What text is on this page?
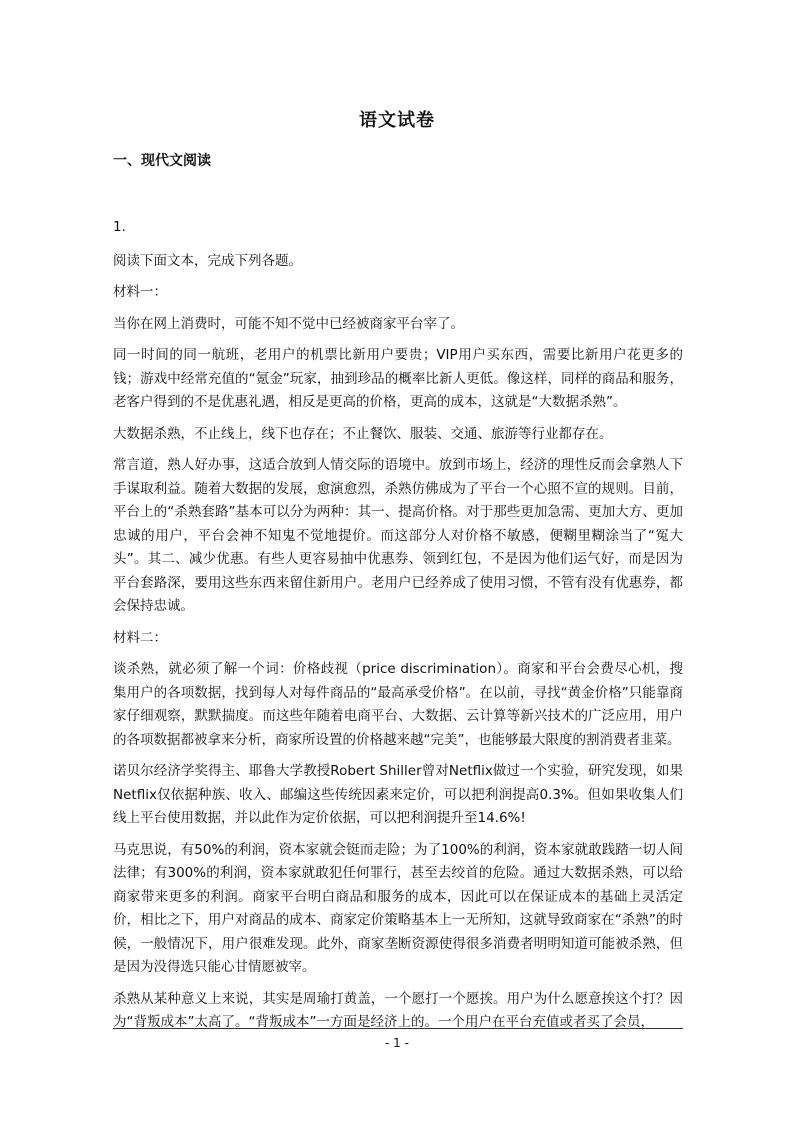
语文试卷
一、现代文阅读

1.

阅读下面文本，完成下列各题。

材料一：

当你在网上消费时，可能不知不觉中已经被商家平台宰了。

同一时间的同一航班，老用户的机票比新用户要贵；VIP用户买东西，需要比新用户花更多的钱；游戏中经常充值的“氪金”玩家，抽到珍品的概率比新人更低。像这样，同样的商品和服务，老客户得到的不是优惠礼遇，相反是更高的价格，更高的成本，这就是“大数据杀熟”。

大数据杀熟，不止线上，线下也存在；不止餐饮、服装、交通、旅游等行业都存在。

常言道，熟人好办事，这适合放到人情交际的语境中。放到市场上，经济的理性反而会拿熟人下手谋取利益。随着大数据的发展，愈演愈烈，杀熟仿佛成为了平台一个心照不宣的规则。目前，平台上的“杀熟套路”基本可以分为两种：其一、提高价格。对于那些更加急需、更加大方、更加忠诚的用户，平台会神不知鬼不觉地提价。而这部分人对价格不敏感，便糊里糊涂当了“冤大头”。其二、减少优惠。有些人更容易抽中优惠券、领到红包，不是因为他们运气好，而是因为平台套路深，要用这些东西来留住新用户。老用户已经养成了使用习惯，不管有没有优惠券，都会保持忠诚。

材料二：

谈杀熟，就必须了解一个词：价格歧视（price discrimination）。商家和平台会费尽心机，搜集用户的各项数据，找到每人对每件商品的“最高承受价格”。在以前，寻找“黄金价格”只能靠商家仔细观察，默默揣度。而这些年随着电商平台、大数据、云计算等新兴技术的广泛应用，用户的各项数据都被拿来分析，商家所设置的价格越来越“完美”，也能够最大限度的割消费者韭菜。

诺贝尔经济学奖得主、耶鲁大学教授Robert Shiller曾对Netflix做过一个实验，研究发现，如果Netflix仅依据种族、收入、邮编这些传统因素来定价，可以把利润提高0.3%。但如果收集人们线上平台使用数据，并以此作为定价依据，可以把利润提升至14.6%!

马克思说，有50%的利润，资本家就会铤而走险；为了100%的利润，资本家就敢践踏一切人间法律；有300%的利润，资本家就敢犯任何罪行，甚至去绞首的危险。通过大数据杀熟，可以给商家带来更多的利润。商家平台明白商品和服务的成本，因此可以在保证成本的基础上灵活定价，相比之下，用户对商品的成本、商家定价策略基本上一无所知，这就导致商家在“杀熟”的时候，一般情况下，用户很难发现。此外，商家垄断资源使得很多消费者明明知道可能被杀熟，但是因为没得选只能心甘情愿被宰。

杀熟从某种意义上来说，其实是周瑜打黄盖，一个愿打一个愿挨。用户为什么愿意挨这个打？因为“背叛成本”太高了。“背叛成本”一方面是经济上的。一个用户在平台充值或者买了会员，

- 1 -
